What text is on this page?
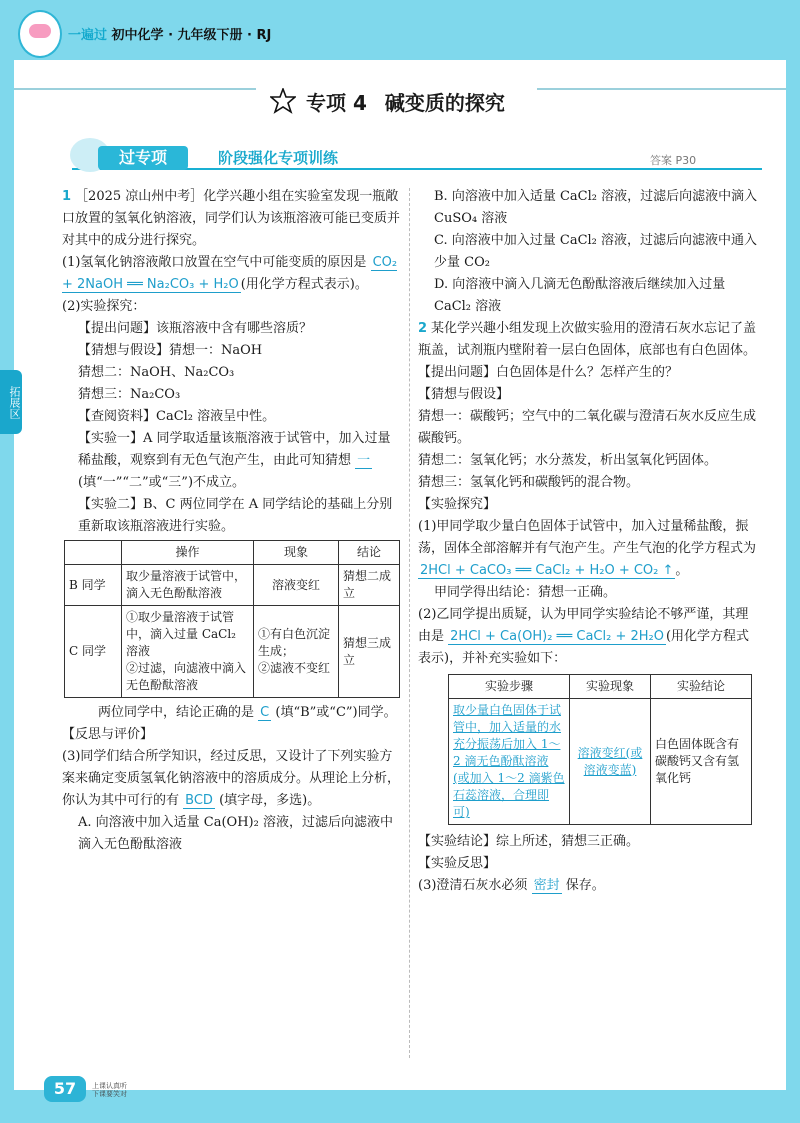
一遍过 初中化学 · 九年级下册 · RJ
专项 4 碱变质的探究
过专项	阶段强化专项训练	答案 P30
拓展区

1 ［2025 凉山州中考］化学兴趣小组在实验室发现一瓶敞口放置的氢氧化钠溶液，同学们认为该瓶溶液可能已变质并对其中的成分进行探究。

(1)氢氧化钠溶液敞口放置在空气中可能变质的原因是 CO₂ + 2NaOH ══ Na₂CO₃ + H₂O (用化学方程式表示)。

(2)实验探究：

【提出问题】该瓶溶液中含有哪些溶质？

【猜想与假设】猜想一：NaOH

猜想二：NaOH、Na₂CO₃

猜想三：Na₂CO₃

【查阅资料】CaCl₂ 溶液呈中性。

【实验一】A 同学取适量该瓶溶液于试管中，加入过量稀盐酸，观察到有无色气泡产生，由此可知猜想 一 (填“一”“二”或“三”)不成立。

【实验二】B、C 两位同学在 A 同学结论的基础上分别重新取该瓶溶液进行实验。

	操作	现象	结论
B 同学	取少量溶液于试管中，滴入无色酚酞溶液	溶液变红	猜想二成立
C 同学	①取少量溶液于试管中，滴入过量 CaCl₂ 溶液
②过滤，向滤液中滴入无色酚酞溶液	①有白色沉淀生成；
②滤液不变红	猜想三成立

两位同学中，结论正确的是 C (填“B”或“C”)同学。

【反思与评价】

(3)同学们结合所学知识，经过反思，又设计了下列实验方案来确定变质氢氧化钠溶液中的溶质成分。从理论上分析，你认为其中可行的有 BCD (填字母，多选)。

A. 向溶液中加入适量 Ca(OH)₂ 溶液，过滤后向滤液中滴入无色酚酞溶液

B. 向溶液中加入适量 CaCl₂ 溶液，过滤后向滤液中滴入 CuSO₄ 溶液

C. 向溶液中加入过量 CaCl₂ 溶液，过滤后向滤液中通入少量 CO₂

D. 向溶液中滴入几滴无色酚酞溶液后继续加入过量 CaCl₂ 溶液

2 某化学兴趣小组发现上次做实验用的澄清石灰水忘记了盖瓶盖，试剂瓶内壁附着一层白色固体，底部也有白色固体。

【提出问题】白色固体是什么？怎样产生的？

【猜想与假设】

猜想一：碳酸钙；空气中的二氧化碳与澄清石灰水反应生成碳酸钙。

猜想二：氢氧化钙；水分蒸发，析出氢氧化钙固体。

猜想三：氢氧化钙和碳酸钙的混合物。

【实验探究】

(1)甲同学取少量白色固体于试管中，加入过量稀盐酸，振荡，固体全部溶解并有气泡产生。产生气泡的化学方程式为 2HCl + CaCO₃ ══ CaCl₂ + H₂O + CO₂ ↑ 。

甲同学得出结论：猜想一正确。

(2)乙同学提出质疑，认为甲同学实验结论不够严谨，其理由是 2HCl + Ca(OH)₂ ══ CaCl₂ + 2H₂O (用化学方程式表示)，并补充实验如下：

实验步骤	实验现象	实验结论
取少量白色固体于试管中，加入适量的水充分振荡后加入 1～2 滴无色酚酞溶液(或加入 1～2 滴紫色石蕊溶液，合理即可)	溶液变红(或溶液变蓝)	白色固体既含有碳酸钙又含有氢氧化钙

【实验结论】综上所述，猜想三正确。

【实验反思】

(3)澄清石灰水必须 密封 保存。

57	上课认真听
下课要笑对
